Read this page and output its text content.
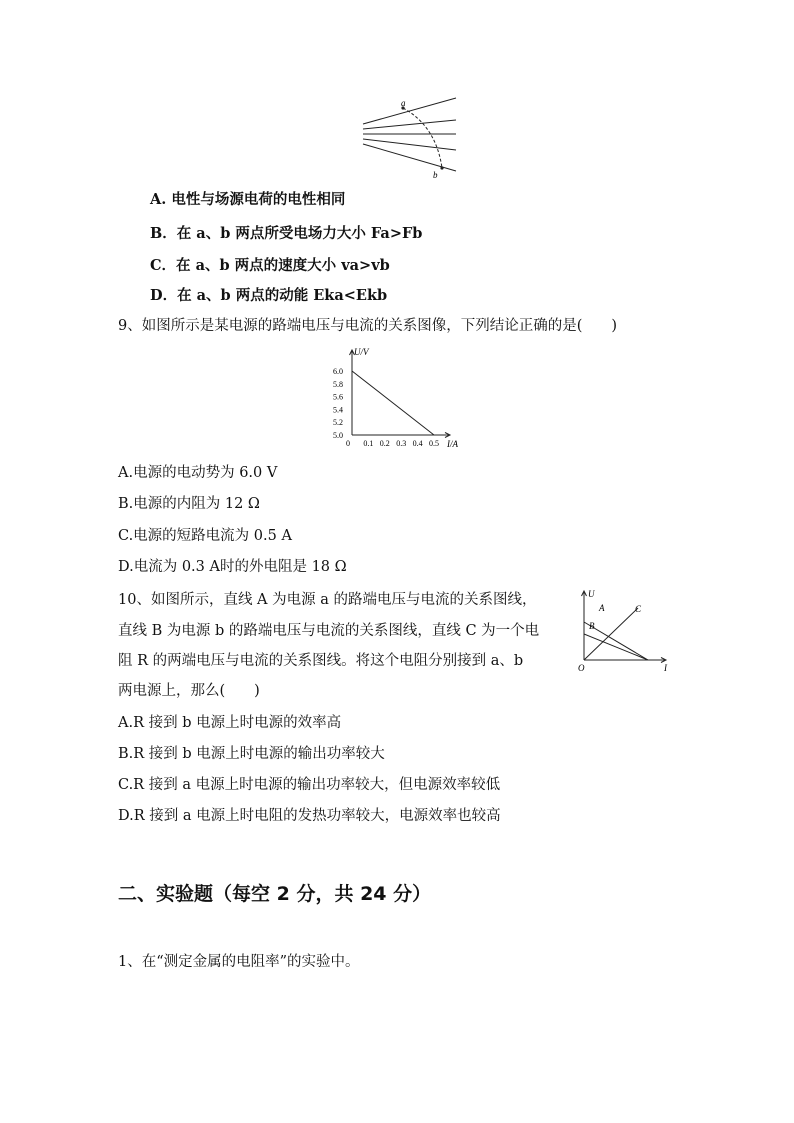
a
b
A. 电性与场源电荷的电性相同
B．在 a、b 两点所受电场力大小 Fa>Fb
C．在 a、b 两点的速度大小 va>vb
D．在 a、b 两点的动能 Eka<Ekb
9、如图所示是某电源的路端电压与电流的关系图像，下列结论正确的是(　　)
0 0.1 0.2 0.3 0.4 0.5
5.0
5.2
5.4
5.6
5.8
6.0
U/V
I/A
A.电源的电动势为 6.0 V
B.电源的内阻为 12 Ω
C.电源的短路电流为 0.5 A
D.电流为 0.3 A时的外电阻是 18 Ω
10、如图所示，直线 A 为电源 a 的路端电压与电流的关系图线，
直线 B 为电源 b 的路端电压与电流的关系图线，直线 C 为一个电
阻 R 的两端电压与电流的关系图线。将这个电阻分别接到 a、b
两电源上，那么(　　)
U
I
O
A
B
C
A.R 接到 b 电源上时电源的效率高
B.R 接到 b 电源上时电源的输出功率较大
C.R 接到 a 电源上时电源的输出功率较大，但电源效率较低
D.R 接到 a 电源上时电阻的发热功率较大，电源效率也较高
二、实验题（每空 2 分，共 24 分）
1、在“测定金属的电阻率”的实验中。
